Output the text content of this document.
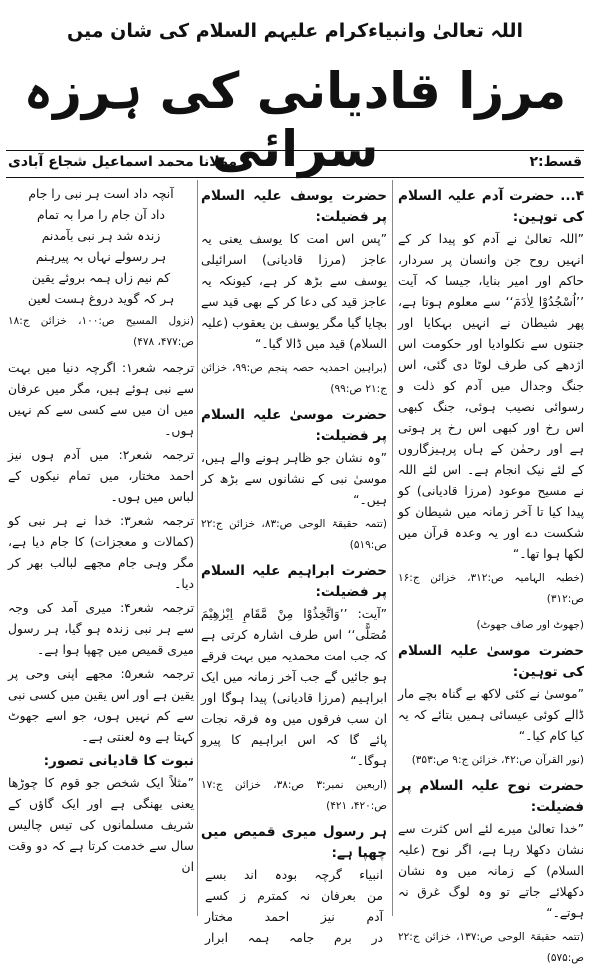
اللہ تعالیٰ وانبیاءکرام علیہم السلام کی شان میں
مرزا قادیانی کی ہرزہ سرائی	قسط:۲
مولانا محمد اسماعیل شجاع آبادی
۴... حضرت آدم علیہ السلام کی توہین:
”اللہ تعالیٰ نے آدم کو پیدا کر کے انہیں روح جن وانسان پر سردار، حاکم اور امیر بنایا، جیسا کہ آیت ’’اُسْجُدُوْا لِاٰدَمَ‘‘ سے معلوم ہوتا ہے، پھر شیطان نے انہیں بہکایا اور جنتوں سے نکلوادیا اور حکومت اس اژدھے کی طرف لوٹا دی گئی، اس جنگ وجدال میں آدم کو ذلت و رسوائی نصیب ہوئی، جنگ کبھی اس رخ اور کبھی اس رخ پر ہوتی ہے اور رحمٰن کے ہاں پرہیزگاروں کے لئے نیک انجام ہے۔ اس لئے اللہ نے مسیح موعود (مرزا قادیانی) کو پیدا کیا تا آخر زمانہ میں شیطان کو شکست دے اور یہ وعدہ قرآن میں لکھا ہوا تھا۔“
(خطبہ الہامیہ ص:۳۱۲، خزائن ج:۱۶ ص:۳۱۲)
(جھوٹ اور صاف جھوٹ)
حضرت موسیٰ علیہ السلام کی توہین:
”موسیٰ نے کئی لاکھ بے گناہ بچے مار ڈالے کوئی عیسائی ہمیں بتائے کہ یہ کیا کام کیا۔“
(نور القرآن ص:۴۲، خزائن ج:۹ ص:۳۵۳)
حضرت نوح علیہ السلام پر فضیلت:
”خدا تعالیٰ میرے لئے اس کثرت سے نشان دکھلا رہا ہے، اگر نوح (علیہ السلام) کے زمانہ میں وہ نشان دکھلائے جاتے تو وہ لوگ غرق نہ ہوتے۔“
(تتمہ حقیقۃ الوحی ص:۱۳۷، خزائن ج:۲۲ ص:۵۷۵)
حضرت یوسف علیہ السلام پر فضیلت:
”پس اس امت کا یوسف یعنی یہ عاجز (مرزا قادیانی) اسرائیلی یوسف سے بڑھ کر ہے، کیونکہ یہ عاجز قید کی دعا کر کے بھی قید سے بچایا گیا مگر یوسف بن یعقوب (علیہ السلام) قید میں ڈالا گیا۔“
(براہین احمدیہ حصہ پنجم ص:۹۹، خزائن ج:۲۱ ص:۹۹)
حضرت موسیٰ علیہ السلام پر فضیلت:
”وہ نشان جو ظاہر ہونے والے ہیں، موسیٰ نبی کے نشانوں سے بڑھ کر ہیں۔“
(تتمہ حقیقۃ الوحی ص:۸۳، خزائن ج:۲۲ ص:۵۱۹)
حضرت ابراہیم علیہ السلام پر فضیلت:
”آیت: ’’وَاتَّخِذُوْا مِنْ مَّقَامِ اِبْرٰهِیْمَ مُصَلًّی‘‘ اس طرف اشارہ کرتی ہے کہ جب امت محمدیہ میں بہت فرقے ہو جائیں گے جب آخر زمانہ میں ایک ابراہیم (مرزا قادیانی) پیدا ہوگا اور ان سب فرقوں میں وہ فرقہ نجات پائے گا کہ اس ابراہیم کا پیرو ہوگا۔“
(اربعین نمبر:۳ ص:۳۸، خزائن ج:۱۷ ص:۴۲۰، ۴۲۱)
ہر رسول میری قمیص میں چھپا ہے:
انبیاء
گرچہ
بودہ
اند
بسے
من
بعرفان
نہ
کمترم
ز
کسے
آدم
نیز
احمد
مختار
در
برم
جامہ
ہمہ
ابرار
آنچہ داد است ہر نبی را جام
داد آن جام را مرا بہ تمام
زندہ شد ہر نبی بآمدنم
ہر رسولے نہاں بہ پیرہنم
کم نیم زاں ہمہ بروئے یقین
ہر کہ گوید دروغ ہست لعین
(نزول المسیح ص:۱۰۰، خزائن ج:۱۸ ص:۴۷۷، ۴۷۸)
ترجمہ شعر۱: اگرچہ دنیا میں بہت سے نبی ہوئے ہیں، مگر میں عرفان میں ان میں سے کسی سے کم نہیں ہوں۔
ترجمہ شعر۲: میں آدم ہوں نیز احمد مختار، میں تمام نیکوں کے لباس میں ہوں۔
ترجمہ شعر۳: خدا نے ہر نبی کو (کمالات و معجزات) کا جام دیا ہے، مگر وہی جام مجھے لبالب بھر کر دیا۔
ترجمہ شعر۴: میری آمد کی وجہ سے ہر نبی زندہ ہو گیا، ہر رسول میری قمیص میں چھپا ہوا ہے۔
ترجمہ شعر۵: مجھے اپنی وحی پر یقین ہے اور اس یقین میں کسی نبی سے کم نہیں ہوں، جو اسے جھوٹ کہتا ہے وہ لعنتی ہے۔
نبوت کا قادیانی تصور:
”مثلاً ایک شخص جو قوم کا چوڑھا یعنی بھنگی ہے اور ایک گاؤں کے شریف مسلمانوں کی تیس چالیس سال سے خدمت کرتا ہے کہ دو وقت ان
